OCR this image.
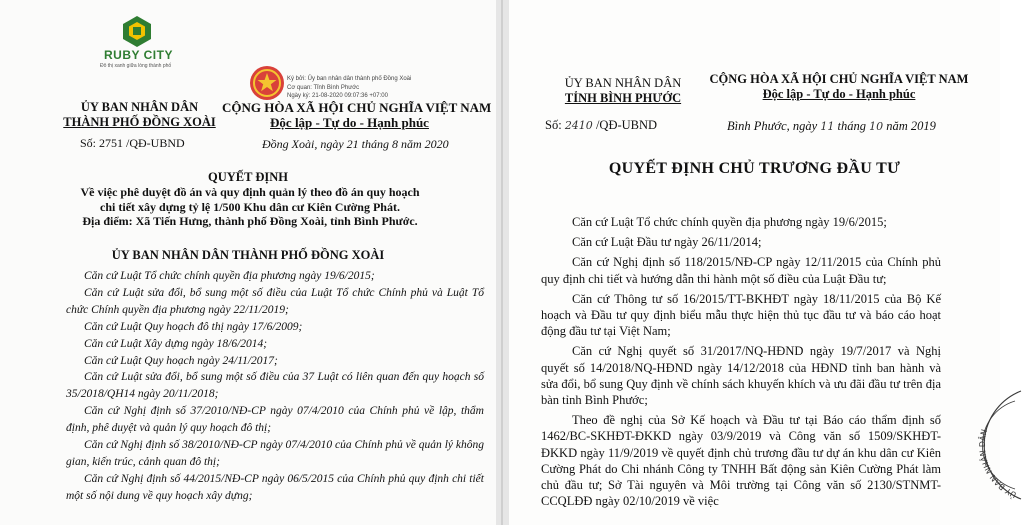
RUBY CITY
Đô thị xanh giữa lòng thành phố
Ký bởi: Ủy ban nhân dân thành phố Đồng Xoài
Cơ quan: Tỉnh Bình Phước
Ngày ký: 21-08-2020 09:07:36 +07:00
ỦY BAN NHÂN DÂN
THÀNH PHỐ ĐỒNG XOÀI
CỘNG HÒA XÃ HỘI CHỦ NGHĨA VIỆT NAM
Độc lập - Tự do - Hạnh phúc
Số: 2751 /QĐ-UBND	Đồng Xoài, ngày 21 tháng 8 năm 2020
QUYẾT ĐỊNH
Về việc phê duyệt đồ án và quy định quản lý theo đồ án quy hoạch
chi tiết xây dựng tỷ lệ 1/500 Khu dân cư Kiên Cường Phát.
Địa điểm: Xã Tiến Hưng, thành phố Đồng Xoài, tỉnh Bình Phước.
ỦY BAN NHÂN DÂN THÀNH PHỐ ĐỒNG XOÀI

Căn cứ Luật Tổ chức chính quyền địa phương ngày 19/6/2015;

Căn cứ Luật sửa đổi, bổ sung một số điều của Luật Tổ chức Chính phủ và Luật Tổ chức Chính quyền địa phương ngày 22/11/2019;

Căn cứ Luật Quy hoạch đô thị ngày 17/6/2009;

Căn cứ Luật Xây dựng ngày 18/6/2014;

Căn cứ Luật Quy hoạch ngày 24/11/2017;

Căn cứ Luật sửa đổi, bổ sung một số điều của 37 Luật có liên quan đến quy hoạch số 35/2018/QH14 ngày 20/11/2018;

Căn cứ Nghị định số 37/2010/NĐ-CP ngày 07/4/2010 của Chính phủ về lập, thẩm định, phê duyệt và quản lý quy hoạch đô thị;

Căn cứ Nghị định số 38/2010/NĐ-CP ngày 07/4/2010 của Chính phủ về quản lý không gian, kiến trúc, cảnh quan đô thị;

Căn cứ Nghị định số 44/2015/NĐ-CP ngày 06/5/2015 của Chính phủ quy định chi tiết một số nội dung về quy hoạch xây dựng;

ỦY BAN NHÂN DÂN
TỈNH BÌNH PHƯỚC
CỘNG HÒA XÃ HỘI CHỦ NGHĨA VIỆT NAM
Độc lập - Tự do - Hạnh phúc
Số: 2410 /QĐ-UBND	Bình Phước, ngày 11 tháng 10 năm 2019
QUYẾT ĐỊNH CHỦ TRƯƠNG ĐẦU TƯ

Căn cứ Luật Tổ chức chính quyền địa phương ngày 19/6/2015;

Căn cứ Luật Đầu tư ngày 26/11/2014;

Căn cứ Nghị định số 118/2015/NĐ-CP ngày 12/11/2015 của Chính phủ quy định chi tiết và hướng dẫn thi hành một số điều của Luật Đầu tư;

Căn cứ Thông tư số 16/2015/TT-BKHĐT ngày 18/11/2015 của Bộ Kế hoạch và Đầu tư quy định biểu mẫu thực hiện thủ tục đầu tư và báo cáo hoạt động đầu tư tại Việt Nam;

Căn cứ Nghị quyết số 31/2017/NQ-HĐND ngày 19/7/2017 và Nghị quyết số 14/2018/NQ-HĐND ngày 14/12/2018 của HĐND tỉnh ban hành và sửa đổi, bổ sung Quy định về chính sách khuyến khích và ưu đãi đầu tư trên địa bàn tỉnh Bình Phước;

Theo đề nghị của Sở Kế hoạch và Đầu tư tại Báo cáo thẩm định số 1462/BC-SKHĐT-ĐKKD ngày 03/9/2019 và Công văn số 1509/SKHĐT-ĐKKD ngày 11/9/2019 về quyết định chủ trương đầu tư dự án khu dân cư Kiên Cường Phát do Chi nhánh Công ty TNHH Bất động sản Kiên Cường Phát làm chủ đầu tư; Sở Tài nguyên và Môi trường tại Công văn số 2130/STNMT-CCQLĐĐ ngày 02/10/2019 về việc

ỦY BAN NHÂN DÂN
